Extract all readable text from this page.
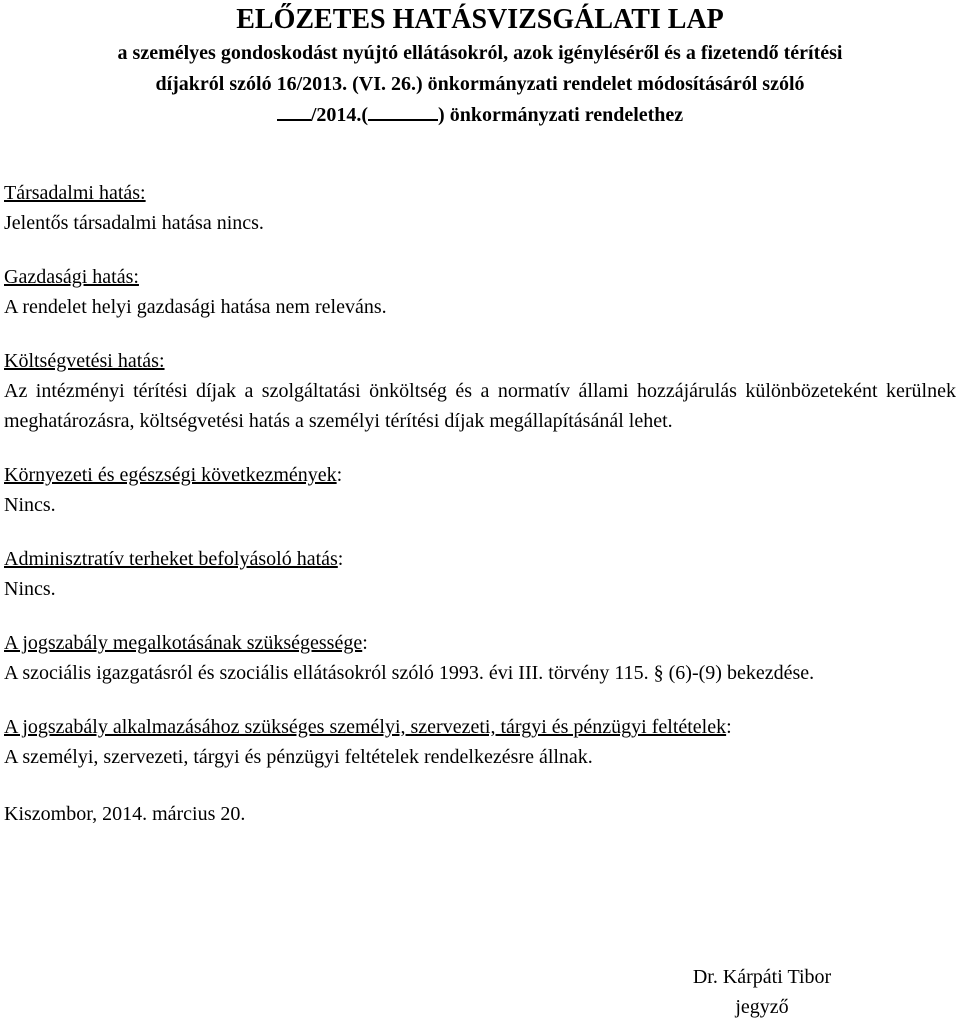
ELŐZETES HATÁSVIZSGÁLATI LAP

a személyes gondoskodást nyújtó ellátásokról, azok igényléséről és a fizetendő térítési

díjakról szóló 16/2013. (VI. 26.) önkormányzati rendelet módosításáról szóló

/2014.(	) önkormányzati rendelethez

Társadalmi hatás:

Jelentős társadalmi hatása nincs.

Gazdasági hatás:

A rendelet helyi gazdasági hatása nem releváns.

Költségvetési hatás:

Az intézményi térítési díjak a szolgáltatási önköltség és a normatív állami hozzájárulás különbözeteként kerülnek meghatározásra, költségvetési hatás a személyi térítési díjak megállapításánál lehet.

Környezeti és egészségi következmények:

Nincs.

Adminisztratív terheket befolyásoló hatás:

Nincs.

A jogszabály megalkotásának szükségessége:

A szociális igazgatásról és szociális ellátásokról szóló 1993. évi III. törvény 115. § (6)-(9) bekezdése.

A jogszabály alkalmazásához szükséges személyi, szervezeti, tárgyi és pénzügyi feltételek:

A személyi, szervezeti, tárgyi és pénzügyi feltételek rendelkezésre állnak.

Kiszombor, 2014. március 20.

Dr. Kárpáti Tibor
jegyző
